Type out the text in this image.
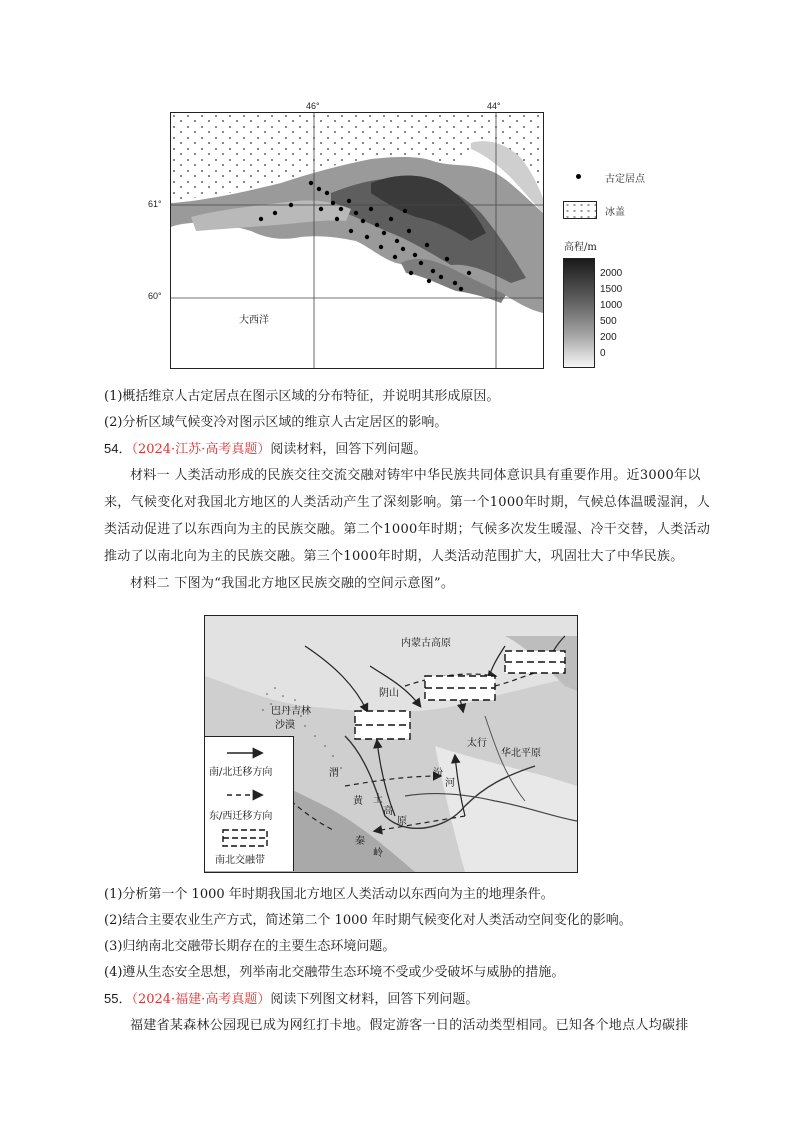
46°	44°
61°
60°
大西洋
古定居点
冰盖
高程/m
2000
1500
1000
500
200
0
(1)概括维京人古定居点在图示区域的分布特征，并说明其形成原因。
(2)分析区域气候变冷对图示区域的维京人古定居区的影响。
54．（2024·江苏·高考真题）阅读材料，回答下列问题。
材料一 人类活动形成的民族交往交流交融对铸牢中华民族共同体意识具有重要作用。近3000年以
来，气候变化对我国北方地区的人类活动产生了深刻影响。第一个1000年时期，气候总体温暖湿润，人
类活动促进了以东西向为主的民族交融。第二个1000年时期；气候多次发生暖湿、冷干交替，人类活动
推动了以南北向为主的民族交融。第三个1000年时期，人类活动范围扩大，巩固壮大了中华民族。
材料二 下图为“我国北方地区民族交融的空间示意图”。
内蒙古高原
阴山
巴丹吉林
沙漠
太行
华北平原
汾
河
渭
黄 土
高
原
秦
岭
南/北迁移方向
东/西迁移方向
南北交融带
(1)分析第一个 1000 年时期我国北方地区人类活动以东西向为主的地理条件。
(2)结合主要农业生产方式，简述第二个 1000 年时期气候变化对人类活动空间变化的影响。
(3)归纳南北交融带长期存在的主要生态环境问题。
(4)遵从生态安全思想，列举南北交融带生态环境不受或少受破坏与威胁的措施。
55．（2024·福建·高考真题）阅读下列图文材料，回答下列问题。
福建省某森林公园现已成为网红打卡地。假定游客一日的活动类型相同。已知各个地点人均碳排
